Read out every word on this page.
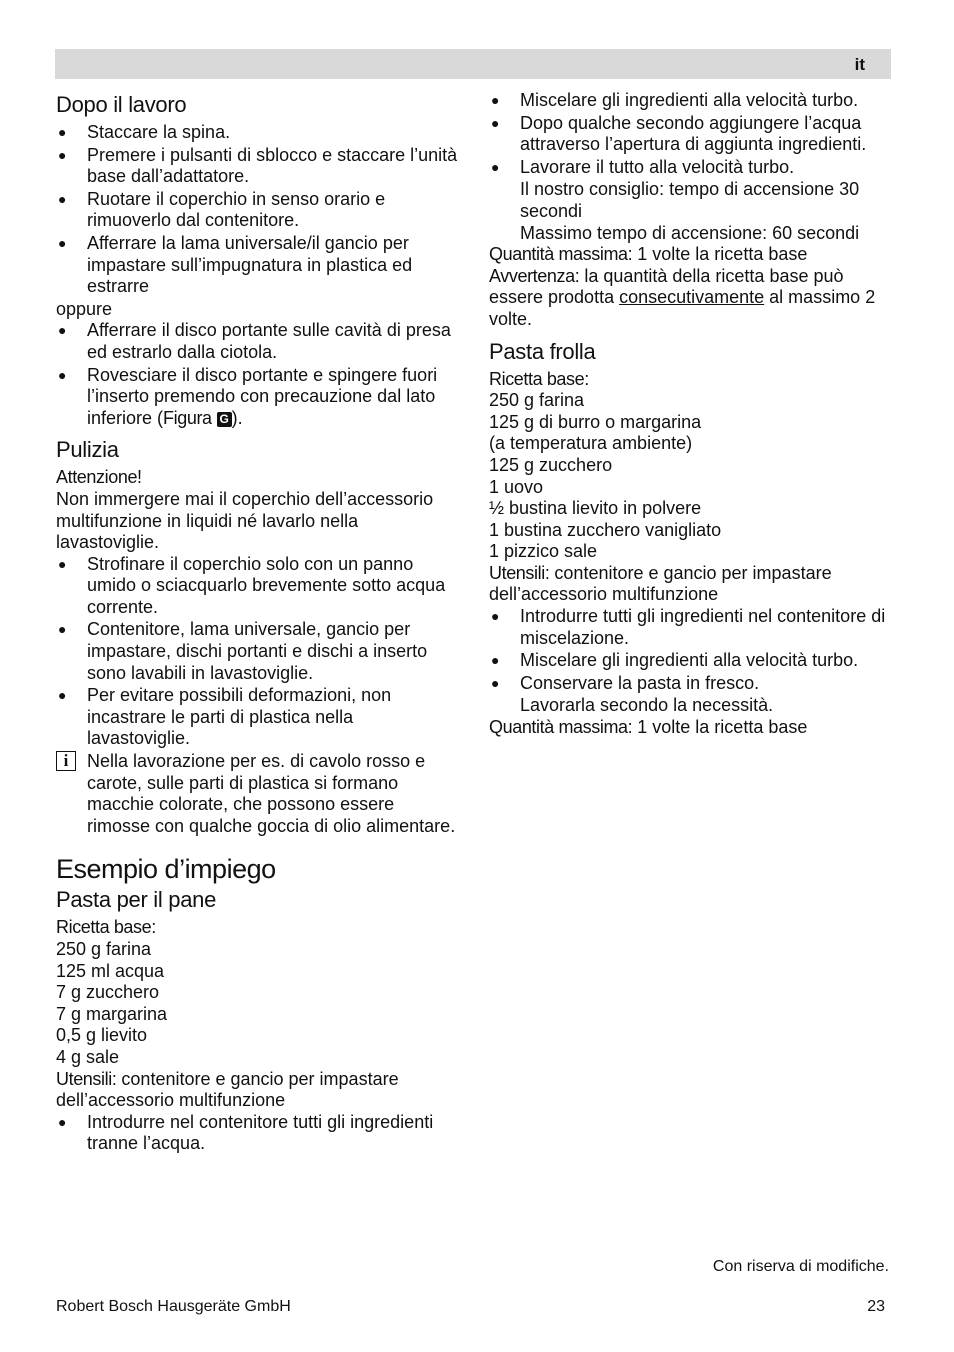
it
Dopo il lavoro
● Staccare la spina.
● Premere i pulsanti di sblocco e staccare l’unità base dall’adattatore.
● Ruotare il coperchio in senso orario e rimuoverlo dal contenitore.
● Afferrare la lama universale/il gancio per impastare sull’impugnatura in plastica ed estrarre

oppure

● Afferrare il disco portante sulle cavità di presa ed estrarlo dalla ciotola.
● Rovesciare il disco portante e spingere fuori l’inserto premendo con precauzione dal lato inferiore (Figura G ).
Pulizia

Attenzione!

Non immergere mai il coperchio dell’accessorio multifunzione in liquidi né lavarlo nella lavastoviglie.

● Strofinare il coperchio solo con un panno umido o sciacquarlo brevemente sotto acqua corrente.
● Contenitore, lama universale, gancio per impastare, dischi portanti e dischi a inserto sono lavabili in lavastoviglie.
● Per evitare possibili deformazioni, non incastrare le parti di plastica nella lavastoviglie.
i	Nella lavorazione per es. di cavolo rosso e carote, sulle parti di plastica si formano macchie colorate, che possono essere rimosse con qualche goccia di olio alimentare.
Esempio d’impiego
Pasta per il pane

Ricetta base:

250 g farina

125 ml acqua

7 g zucchero

7 g margarina

0,5 g lievito

4 g sale

Utensili: contenitore e gancio per impastare dell’accessorio multifunzione

● Introdurre nel contenitore tutti gli ingredienti tranne l’acqua.
● Miscelare gli ingredienti alla velocità turbo.
● Dopo qualche secondo aggiungere l’acqua attraverso l’apertura di aggiunta ingredienti.
● Lavorare il tutto alla velocità turbo.

Il nostro consiglio: tempo di accensione 30 secondi

Massimo tempo di accensione: 60 secondi

Quantità massima: 1 volte la ricetta base

Avvertenza: la quantità della ricetta base può essere prodotta consecutivamente al massimo 2 volte.

Pasta frolla

Ricetta base:

250 g farina

125 g di burro o margarina

(a temperatura ambiente)

125 g zucchero

1 uovo

½ bustina lievito in polvere

1 bustina zucchero vanigliato

1 pizzico sale

Utensili: contenitore e gancio per impastare dell’accessorio multifunzione

● Introdurre tutti gli ingredienti nel contenitore di miscelazione.
● Miscelare gli ingredienti alla velocità turbo.
● Conservare la pasta in fresco.

Lavorarla secondo la necessità.

Quantità massima: 1 volte la ricetta base

Con riserva di modifiche.
Robert Bosch Hausgeräte GmbH	23
